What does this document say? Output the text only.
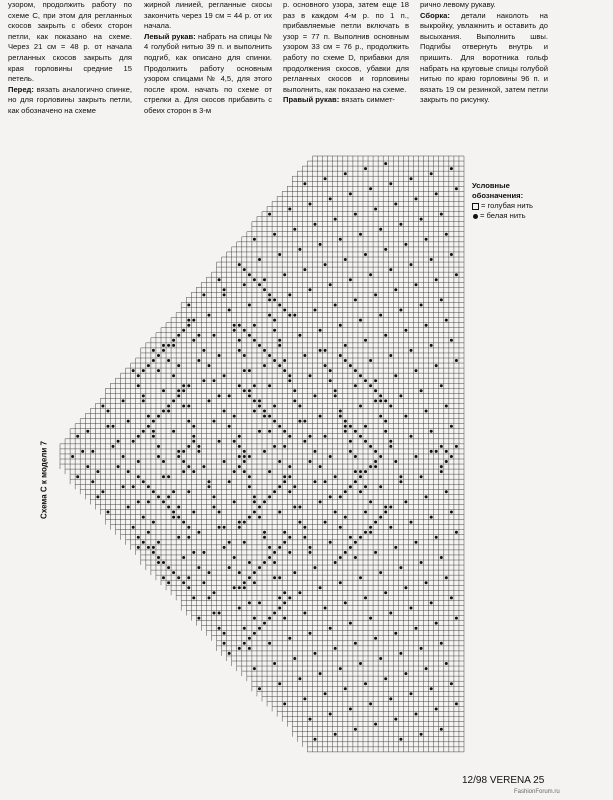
узором, продолжить работу по схеме C, при этом для регланных скосов закрыть с обеих сторон петли, как показано на схеме. Через 21 см = 48 р. от начала регланных скосов закрыть для края горловины средние 15 петель.

Перед: вязать аналогично спинке, но для горловины закрыть петли, как обозначено на схеме

жирной линией, регланные скосы закончить через 19 см = 44 р. от их начала.

Левый рукав: набрать на спицы № 4 голубой нитью 39 п. и выполнить подгиб, как описано для спинки. Продолжить работу основным узором спицами № 4,5, для этого после кром. начать по схеме от стрелки a. Для скосов прибавить с обеих сторон в 3-м

р. основного узора, затем еще 18 раз в каждом 4-м р. по 1 п., прибавляемые петли включать в узор = 77 п. Выполнив основным узором 33 см = 76 р., продолжить работу по схеме D, прибавки для продолжения скосов, убавки для регланных скосов и горловины выполнить, как показано на схеме.

Правый рукав: вязать симмет-

рично левому рукаву.

Сборка: детали наколоть на выкройку, увлажнить и оставить до высыхания. Выполнить швы. Подгибы отвернуть внутрь и пришить. Для воротника гольф набрать на круговые спицы голубой нитью по краю горловины 96 п. и вязать 19 см резинкой, затем петли закрыть по рисунку.

Схема C к модели 7
Условные
обозначения:
= голубая нить
= белая нить
12/98 VERENA 25
FashionForum.ru
